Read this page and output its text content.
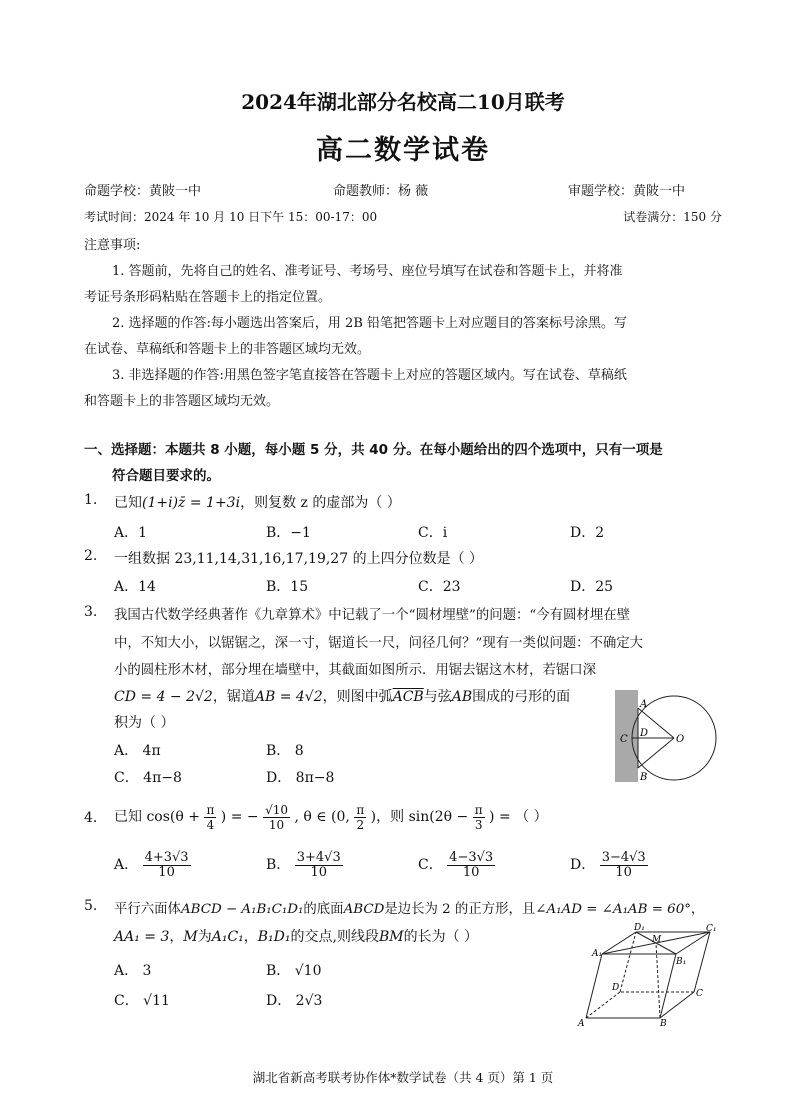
2024年湖北部分名校高二10月联考
高二数学试卷
命题学校：黄陂一中	命题教师：杨 薇	审题学校：黄陂一中
考试时间：2024 年 10 月 10 日下午 15：00-17：00	试卷满分：150 分
注意事项:
1. 答题前，先将自己的姓名、准考证号、考场号、座位号填写在试卷和答题卡上，并将准
考证号条形码粘贴在答题卡上的指定位置。
2. 选择题的作答:每小题选出答案后，用 2B 铅笔把答题卡上对应题目的答案标号涂黑。写
在试卷、草稿纸和答题卡上的非答题区域均无效。
3. 非选择题的作答:用黑色签字笔直接答在答题卡上对应的答题区域内。写在试卷、草稿纸
和答题卡上的非答题区域均无效。
一、选择题：本题共 8 小题，每小题 5 分，共 40 分。在每小题给出的四个选项中，只有一项是
符合题目要求的。
1. 已知(1+i)z̄ = 1+3i，则复数 z 的虚部为（ ）
A．1	B．−1	C．i	D．2
2. 一组数据 23,11,14,31,16,17,19,27 的上四分位数是（ ）
A．14	B．15	C．23	D．25
3. 我国古代数学经典著作《九章算术》中记载了一个“圆材埋壁”的问题：“今有圆材埋在壁
中，不知大小，以锯锯之，深一寸，锯道长一尺，问径几何？”现有一类似问题：不确定大
小的圆柱形木材，部分埋在墙壁中，其截面如图所示．用锯去锯这木材，若锯口深
CD = 4 − 2√2，锯道AB = 4√2，则图中弧$\overline{ACB}$与弦AB围成的弓形的面
积为（ ）
A． 4π	B． 8
C． 4π−8	D． 8π−8
A
B
C
D
O
4. 已知 $\cos(\theta + \frac{\pi}{4}$ ) = − $\frac{√10}{10}$ , θ ∈ (0, $\frac{\pi}{2}$ )，则 $\sin(2\theta - \frac{\pi}{3}$ ) = （ ）
A． $\frac{4+3√3}{10}$	B． $\frac{3+4√3}{10}$	C． $\frac{4-3√3}{10}$	D． $\frac{3-4√3}{10}$
5. 平行六面体ABCD − A₁B₁C₁D₁的底面ABCD是边长为 2 的正方形，且∠A₁AD = ∠A₁AB = 60°，
AA₁ = 3，M为A₁C₁，B₁D₁的交点,则线段BM的长为（ ）
A． 3	B． √10
C． √11	D． 2√3
A	B
C
D
A₁
B₁
C₁
D₁
M
湖北省新高考联考协作体*数学试卷（共 4 页）第 1 页
